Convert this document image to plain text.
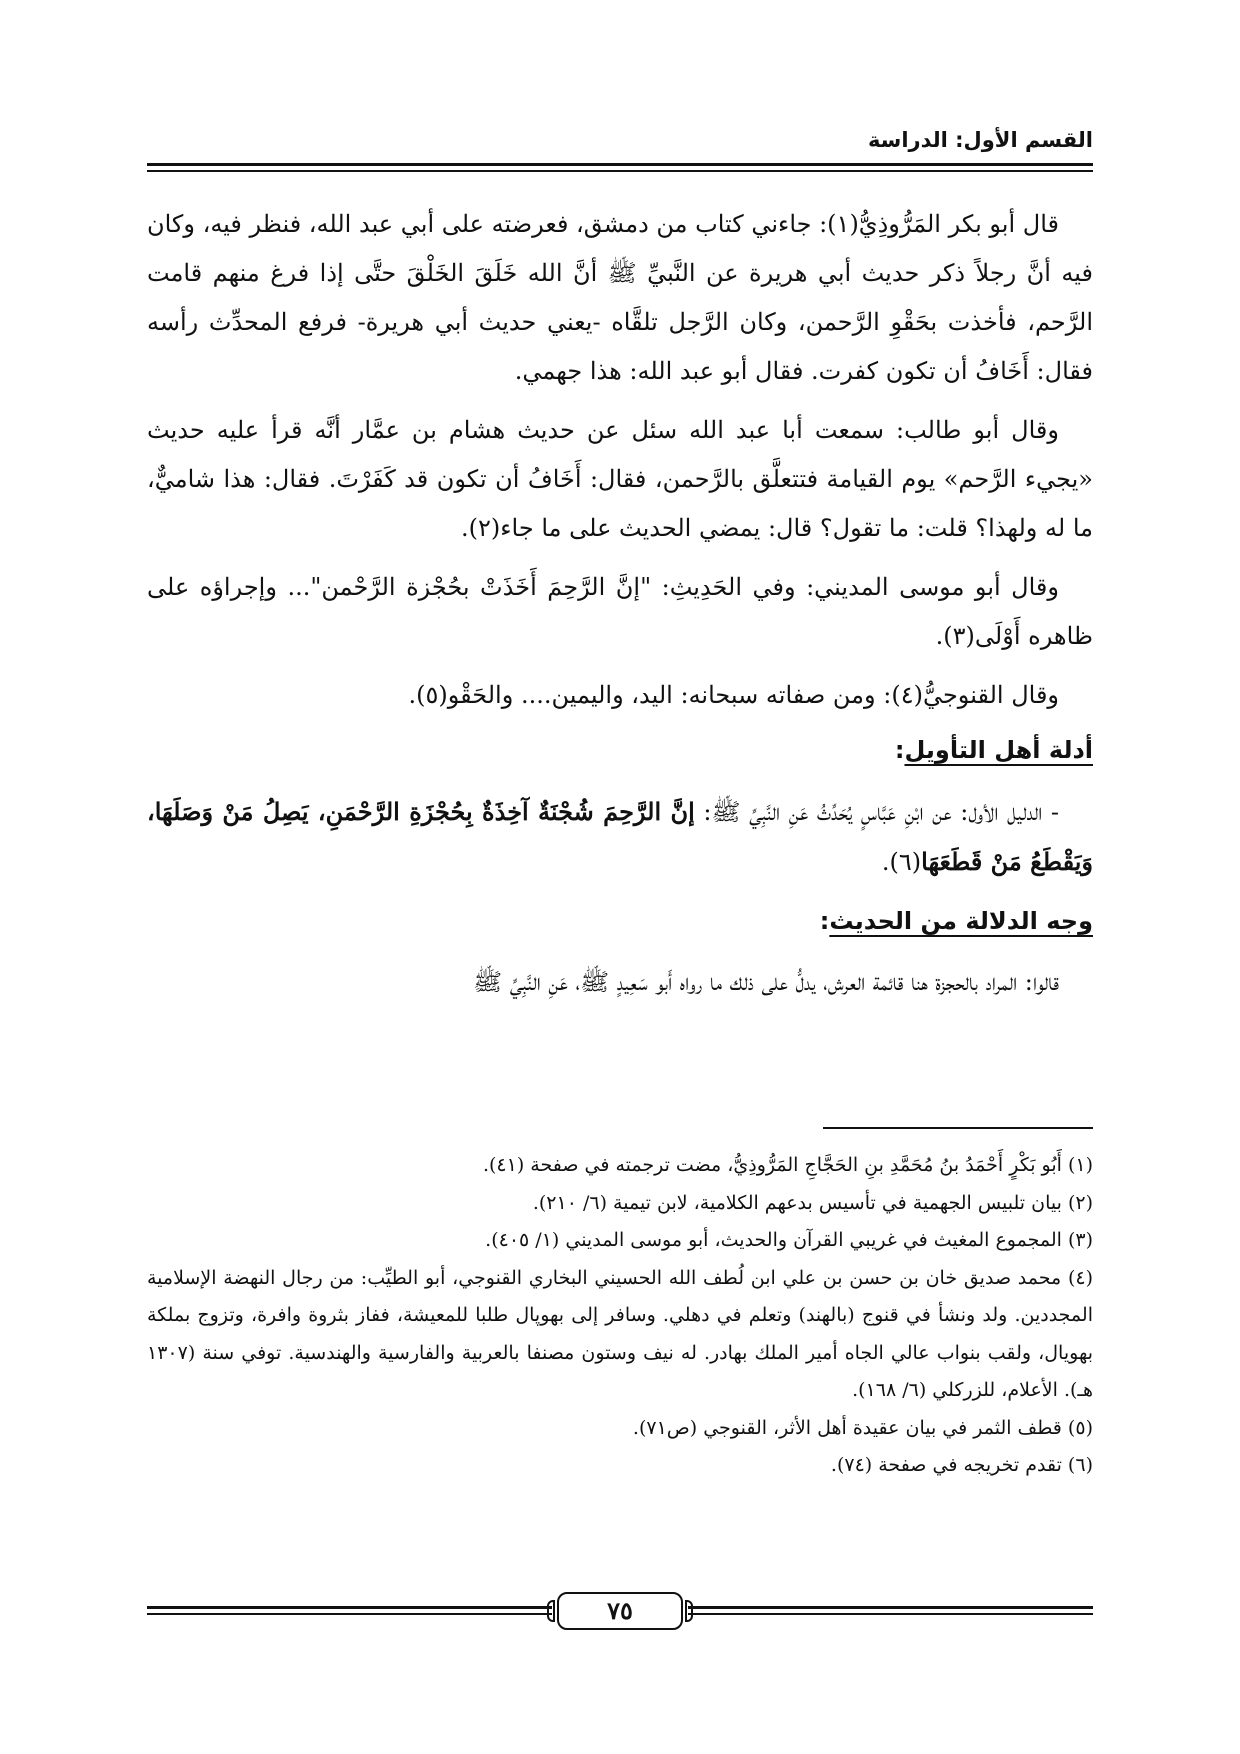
القسم الأول: الدراسة

قال أبو بكر المَرُّوذِيُّ(١): جاءني كتاب من دمشق، فعرضته على أبي عبد الله، فنظر فيه، وكان فيه أنَّ رجلاً ذكر حديث أبي هريرة عن النَّبيِّ ﷺ أنَّ الله خَلَقَ الخَلْقَ حتَّى إذا فرغ منهم قامت الرَّحم، فأخذت بحَقْوِ الرَّحمن، وكان الرَّجل تلقَّاه -يعني حديث أبي هريرة- فرفع المحدِّث رأسه فقال: أَخَافُ أن تكون كفرت. فقال أبو عبد الله: هذا جهمي.

وقال أبو طالب: سمعت أبا عبد الله سئل عن حديث هشام بن عمَّار أنَّه قرأ عليه حديث «يجيء الرَّحم» يوم القيامة فتتعلَّق بالرَّحمن، فقال: أَخَافُ أن تكون قد كَفَرْتَ. فقال: هذا شاميٌّ، ما له ولهذا؟ قلت: ما تقول؟ قال: يمضي الحديث على ما جاء(٢).

وقال أبو موسى المديني: وفي الحَدِيثِ: "إنَّ الرَّحِمَ أَخَذَتْ بحُجْزة الرَّحْمن"... وإجراؤه على ظاهره أَوْلَى(٣).

وقال القنوجيُّ(٤): ومن صفاته سبحانه: اليد، واليمين.... والحَقْو(٥).

أدلة أهل التأويل:

- الدليل الأول: عن ابْنِ عَبَّاسٍ يُحَدِّثُ عَنِ النَّبِيِّ ﷺ: إنَّ الرَّحِمَ شُجْنَةٌ آخِذَةٌ بِحُجْزَةِ الرَّحْمَنِ، يَصِلُ مَنْ وَصَلَهَا، وَيَقْطَعُ مَنْ قَطَعَهَا(٦).

وجه الدلالة من الحديث:

قالوا: المراد بالحجزة هنا قائمة العرش، يدلُّ على ذلك ما رواه أَبو سَعِيدٍ ﷺ، عَنِ النَّبِيِّ ﷺ

(١) أَبُو بَكْرٍ أَحْمَدُ بنُ مُحَمَّدِ بنِ الحَجَّاجِ المَرُّوذِيُّ، مضت ترجمته في صفحة (٤١).

(٢) بيان تلبيس الجهمية في تأسيس بدعهم الكلامية، لابن تيمية (٦/ ٢١٠).

(٣) المجموع المغيث في غريبي القرآن والحديث، أبو موسى المديني (١/ ٤٠٥).

(٤) محمد صديق خان بن حسن بن علي ابن لُطف الله الحسيني البخاري القنوجي، أبو الطيِّب: من رجال النهضة الإسلامية المجددين. ولد ونشأ في قنوج (بالهند) وتعلم في دهلي. وسافر إلى بهوپال طلبا للمعيشة، ففاز بثروة وافرة، وتزوج بملكة بهويال، ولقب بنواب عالي الجاه أمير الملك بهادر. له نيف وستون مصنفا بالعربية والفارسية والهندسية. توفي سنة (١٣٠٧ هـ). الأعلام، للزركلي (٦/ ١٦٨).

(٥) قطف الثمر في بيان عقيدة أهل الأثر، القنوجي (ص٧١).

(٦) تقدم تخريجه في صفحة (٧٤).

٧٥
